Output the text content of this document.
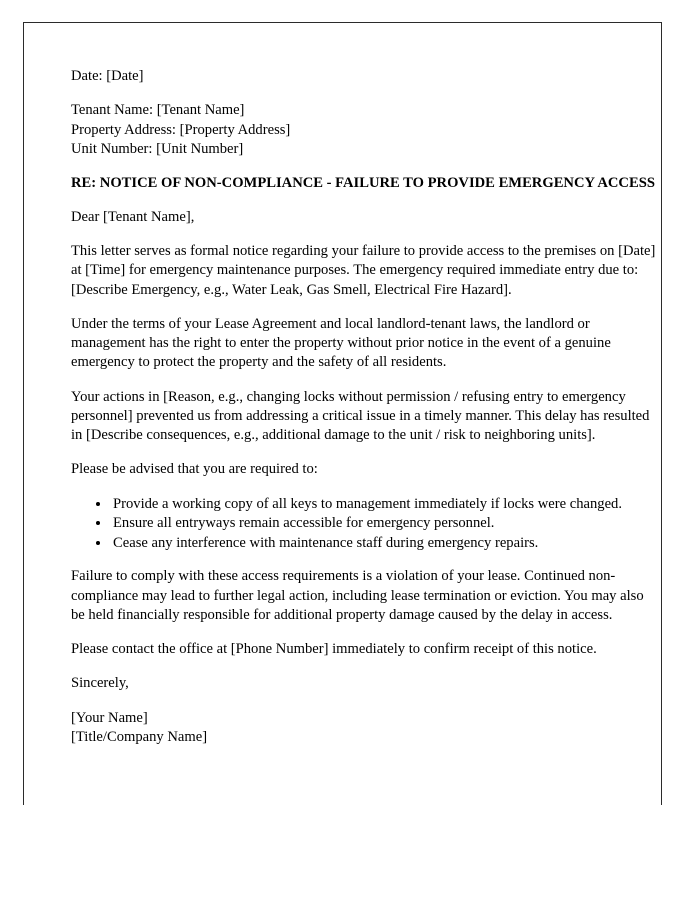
Date: [Date]

Tenant Name: [Tenant Name]

Property Address: [Property Address]

Unit Number: [Unit Number]

RE: NOTICE OF NON-COMPLIANCE - FAILURE TO PROVIDE EMERGENCY ACCESS

Dear [Tenant Name],

This letter serves as formal notice regarding your failure to provide access to the premises on [Date] at [Time] for emergency maintenance purposes. The emergency required immediate entry due to: [Describe Emergency, e.g., Water Leak, Gas Smell, Electrical Fire Hazard].

Under the terms of your Lease Agreement and local landlord-tenant laws, the landlord or management has the right to enter the property without prior notice in the event of a genuine emergency to protect the property and the safety of all residents.

Your actions in [Reason, e.g., changing locks without permission / refusing entry to emergency personnel] prevented us from addressing a critical issue in a timely manner. This delay has resulted in [Describe consequences, e.g., additional damage to the unit / risk to neighboring units].

Please be advised that you are required to:

• Provide a working copy of all keys to management immediately if locks were changed.
• Ensure all entryways remain accessible for emergency personnel.
• Cease any interference with maintenance staff during emergency repairs.

Failure to comply with these access requirements is a violation of your lease. Continued non-compliance may lead to further legal action, including lease termination or eviction. You may also be held financially responsible for additional property damage caused by the delay in access.

Please contact the office at [Phone Number] immediately to confirm receipt of this notice.

Sincerely,

[Your Name]

[Title/Company Name]
